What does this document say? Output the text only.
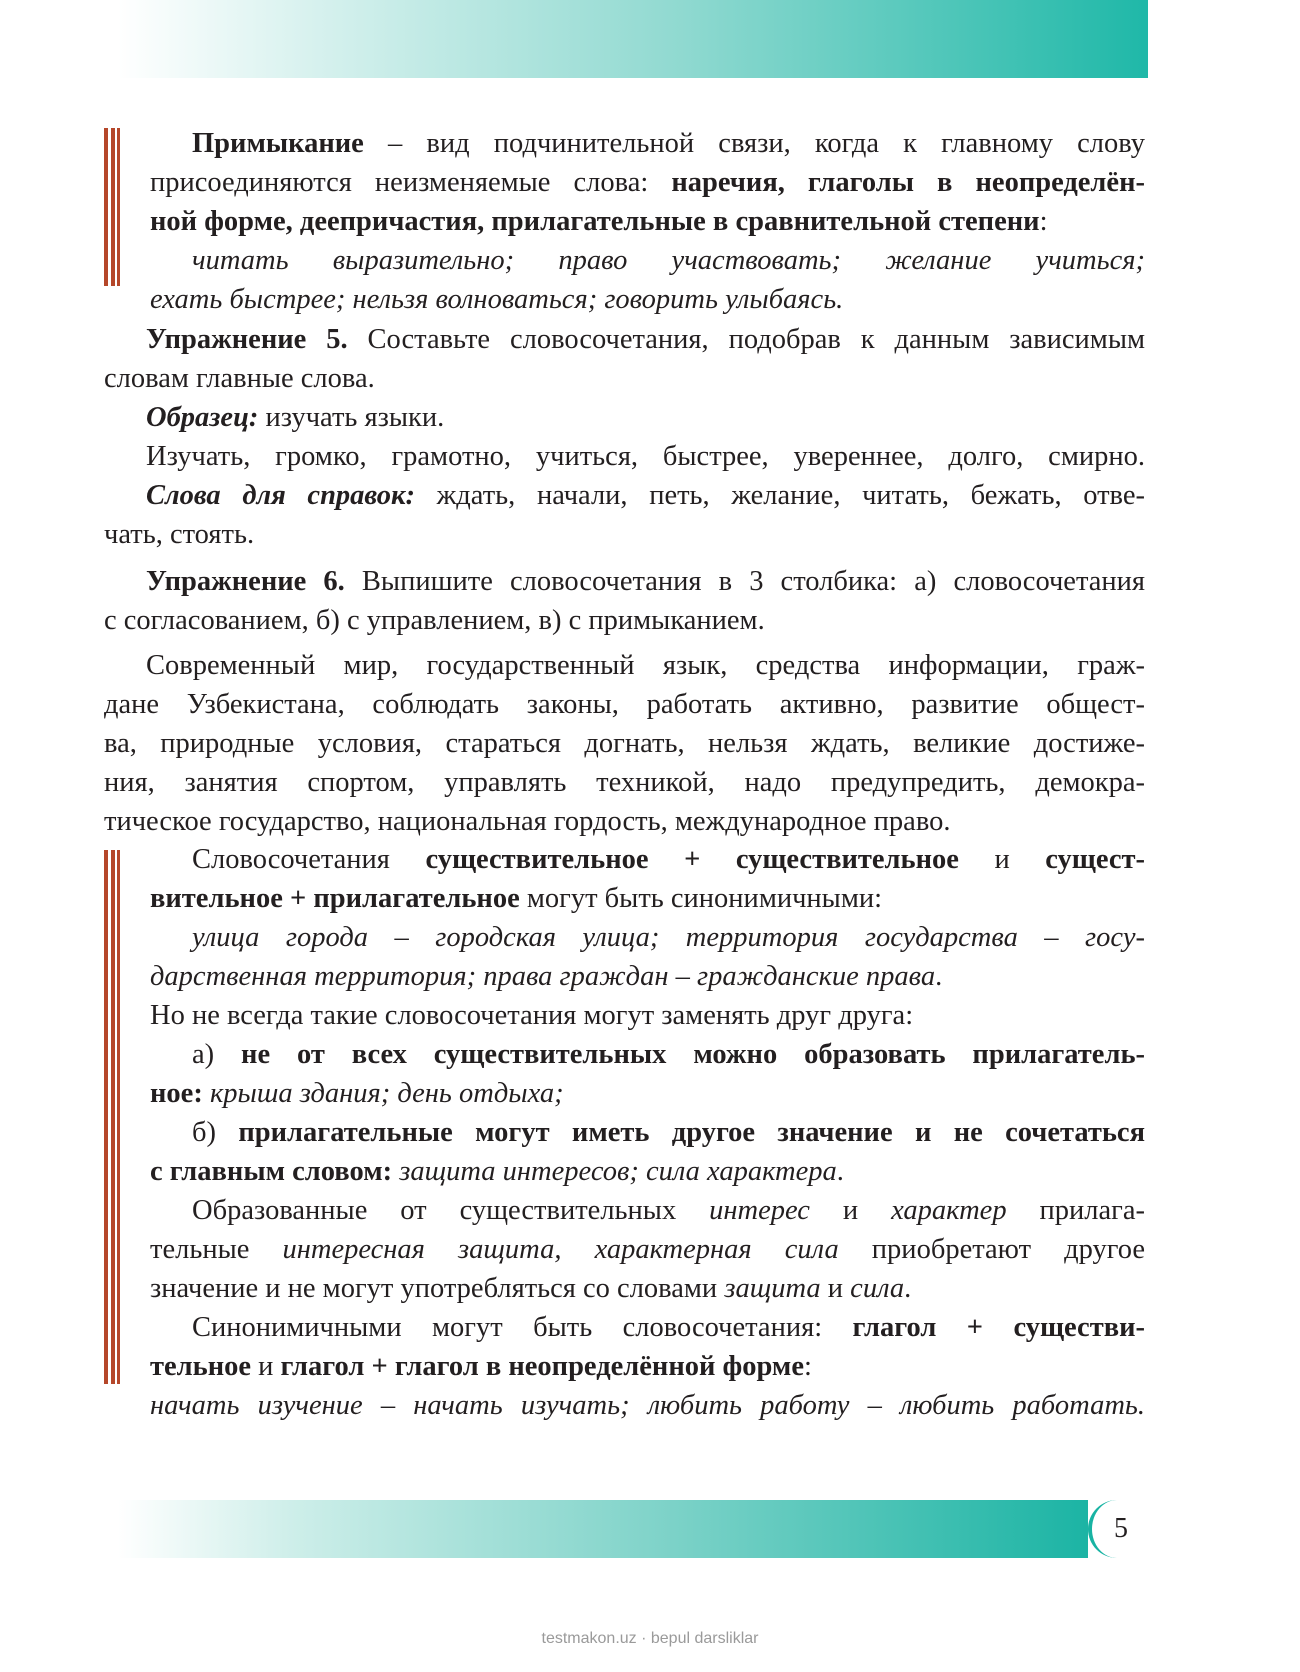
Примыкание – вид подчинительной связи, когда к главному слову
присоединяются неизменяемые слова: наречия, глаголы в неопределён-
ной форме, деепричастия, прилагательные в сравнительной степени:
читать выразительно; право участвовать; желание учиться;
ехать быстрее; нельзя волноваться; говорить улыбаясь.
Упражнение 5. Составьте словосочетания, подобрав к данным зависимым
словам главные слова.
Образец: изучать языки.
Изучать, громко, грамотно, учиться, быстрее, увереннее, долго, смирно.
Слова для справок: ждать, начали, петь, желание, читать, бежать, отве-
чать, стоять.
Упражнение 6. Выпишите словосочетания в 3 столбика: а) словосочетания
с согласованием, б) с управлением, в) с примыканием.
Современный мир, государственный язык, средства информации, граж-
дане Узбекистана, соблюдать законы, работать активно, развитие общест-
ва, природные условия, стараться догнать, нельзя ждать, великие достиже-
ния, занятия спортом, управлять техникой, надо предупредить, демокра-
тическое государство, национальная гордость, международное право.
Словосочетания существительное + существительное и сущест-
вительное + прилагательное могут быть синонимичными:
улица города – городская улица; территория государства – госу-
дарственная территория; права граждан – гражданские права.
Но не всегда такие словосочетания могут заменять друг друга:
а) не от всех существительных можно образовать прилагатель-
ное: крыша здания; день отдыха;
б) прилагательные могут иметь другое значение и не сочетаться
с главным словом: защита интересов; сила характера.
Образованные от существительных интерес и характер прилага-
тельные интересная защита, характерная сила приобретают другое
значение и не могут употребляться со словами защита и сила.
Синонимичными могут быть словосочетания: глагол + существи-
тельное и глагол + глагол в неопределённой форме:
начать изучение – начать изучать; любить работу – любить работать.
5
testmakon.uz · bepul darsliklar
